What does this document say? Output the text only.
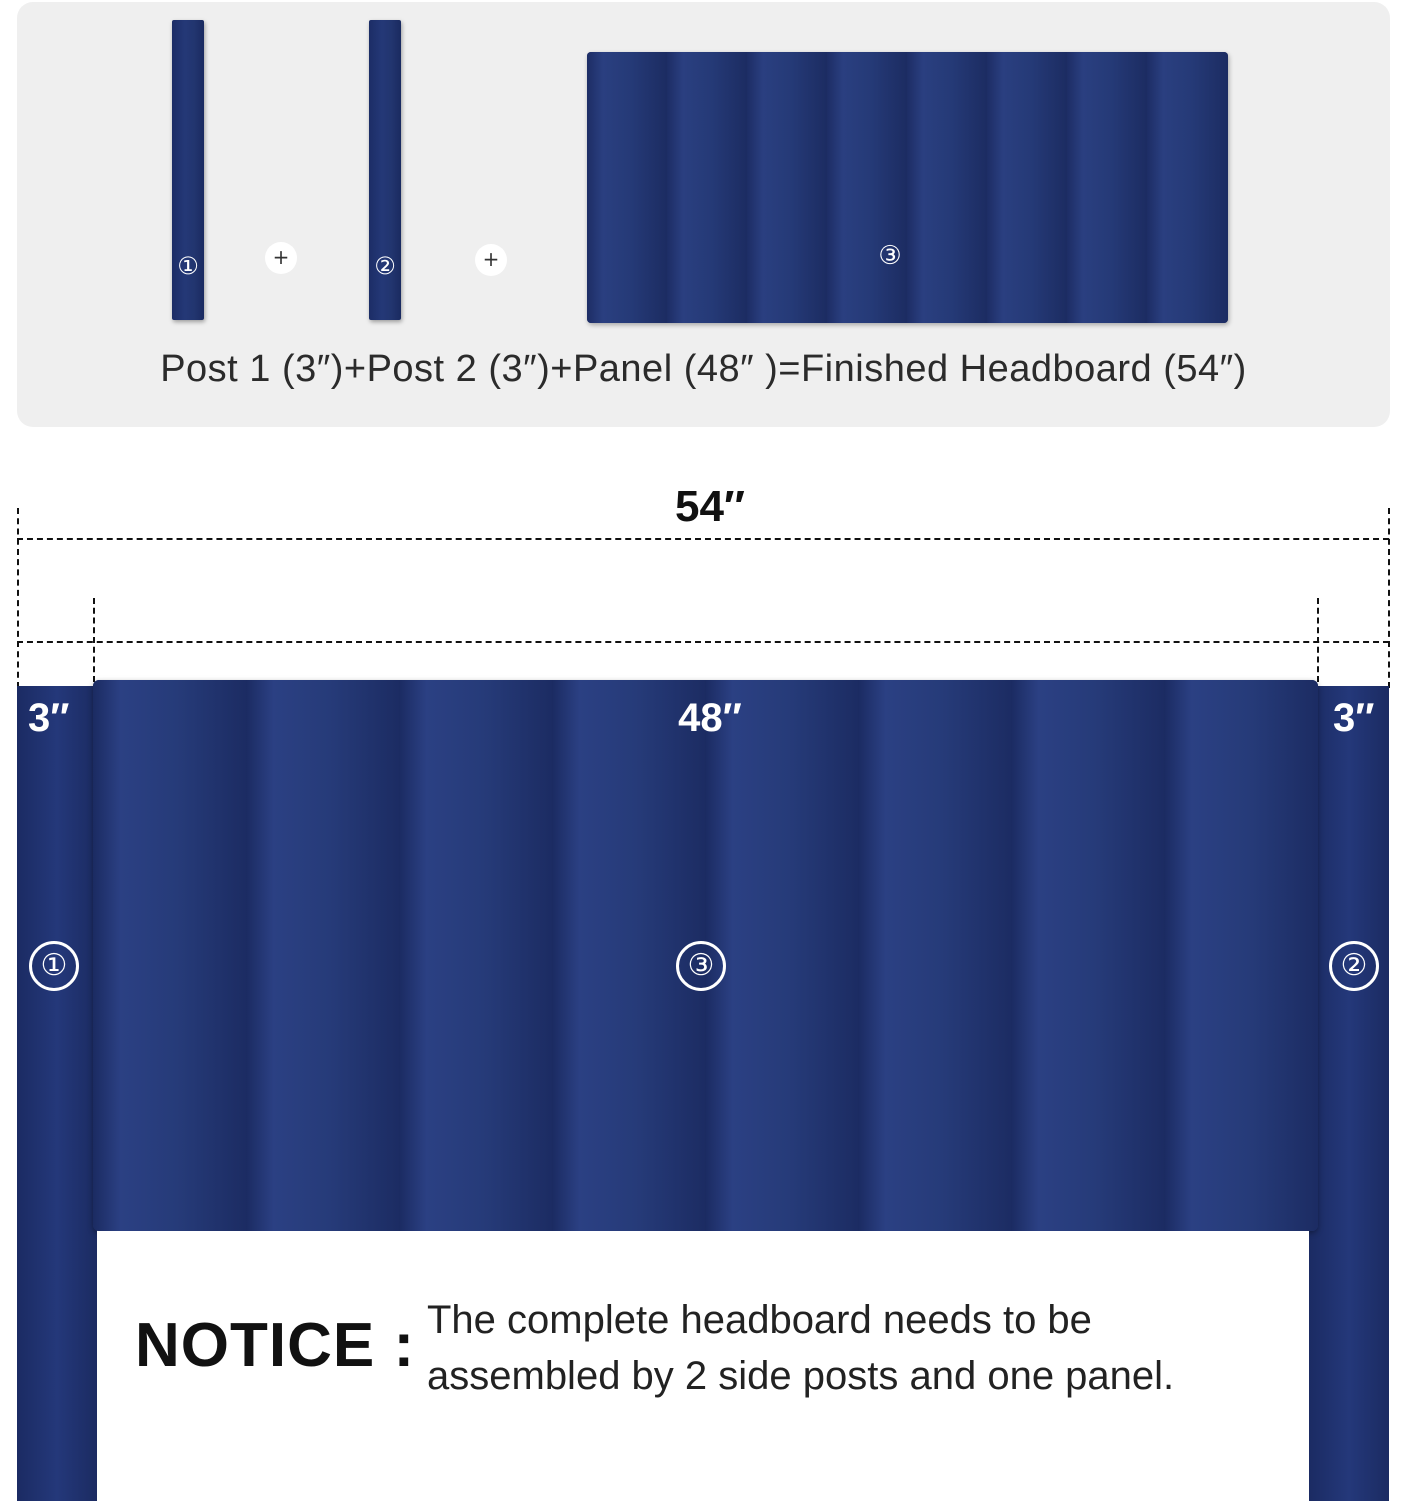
①	+	②	+	③
Post 1 (3″)+Post 2 (3″)+Panel (48″ )=Finished Headboard (54″)
54″
3″	48″	3″
①	③	②
NOTICE : The complete headboard needs to be
assembled by 2 side posts and one panel.
